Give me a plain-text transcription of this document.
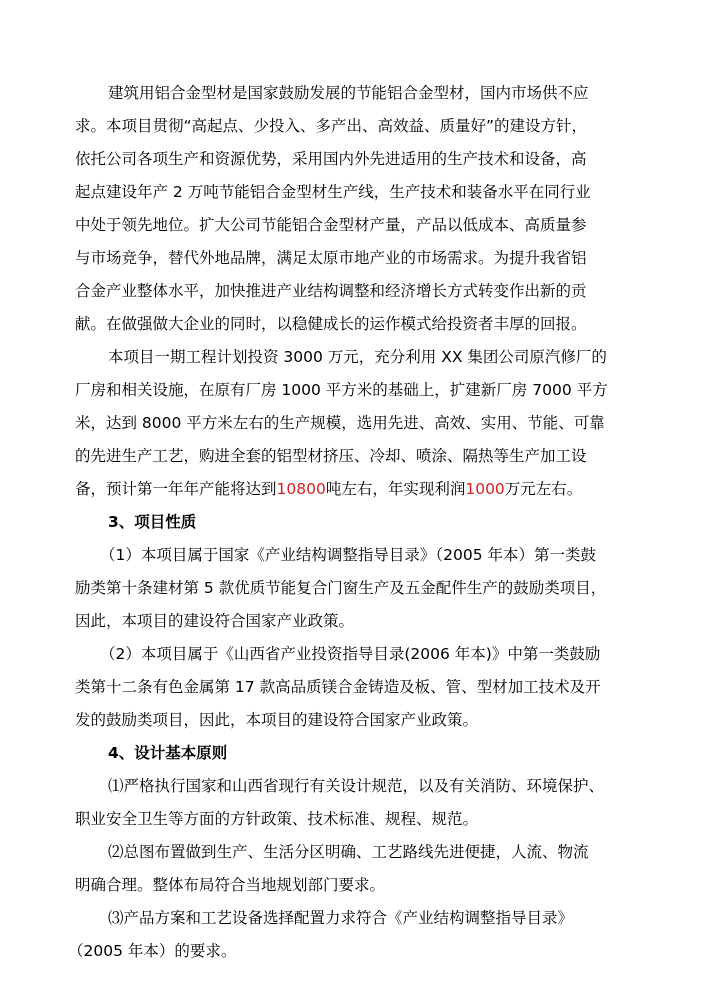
建筑用铝合金型材是国家鼓励发展的节能铝合金型材，国内市场供不应
求。本项目贯彻“高起点、少投入、多产出、高效益、质量好”的建设方针，
依托公司各项生产和资源优势，采用国内外先进适用的生产技术和设备，高
起点建设年产 2 万吨节能铝合金型材生产线，生产技术和装备水平在同行业
中处于领先地位。扩大公司节能铝合金型材产量，产品以低成本、高质量参
与市场竞争，替代外地品牌，满足太原市地产业的市场需求。为提升我省铝
合金产业整体水平，加快推进产业结构调整和经济增长方式转变作出新的贡
献。在做强做大企业的同时，以稳健成长的运作模式给投资者丰厚的回报。
本项目一期工程计划投资 3000 万元，充分利用 XX 集团公司原汽修厂的
厂房和相关设施，在原有厂房 1000 平方米的基础上，扩建新厂房 7000 平方
米，达到 8000 平方米左右的生产规模，选用先进、高效、实用、节能、可靠
的先进生产工艺，购进全套的铝型材挤压、冷却、喷涂、隔热等生产加工设
备，预计第一年年产能将达到10800吨左右，年实现利润1000万元左右。
3、项目性质
（1）本项目属于国家《产业结构调整指导目录》（2005 年本）第一类鼓
励类第十条建材第 5 款优质节能复合门窗生产及五金配件生产的鼓励类项目，
因此，本项目的建设符合国家产业政策。
（2）本项目属于《山西省产业投资指导目录(2006 年本)》中第一类鼓励
类第十二条有色金属第 17 款高品质镁合金铸造及板、管、型材加工技术及开
发的鼓励类项目，因此，本项目的建设符合国家产业政策。
4、设计基本原则
⑴严格执行国家和山西省现行有关设计规范，以及有关消防、环境保护、
职业安全卫生等方面的方针政策、技术标准、规程、规范。
⑵总图布置做到生产、生活分区明确、工艺路线先进便捷，人流、物流
明确合理。整体布局符合当地规划部门要求。
⑶产品方案和工艺设备选择配置力求符合《产业结构调整指导目录》
（2005 年本）的要求。
